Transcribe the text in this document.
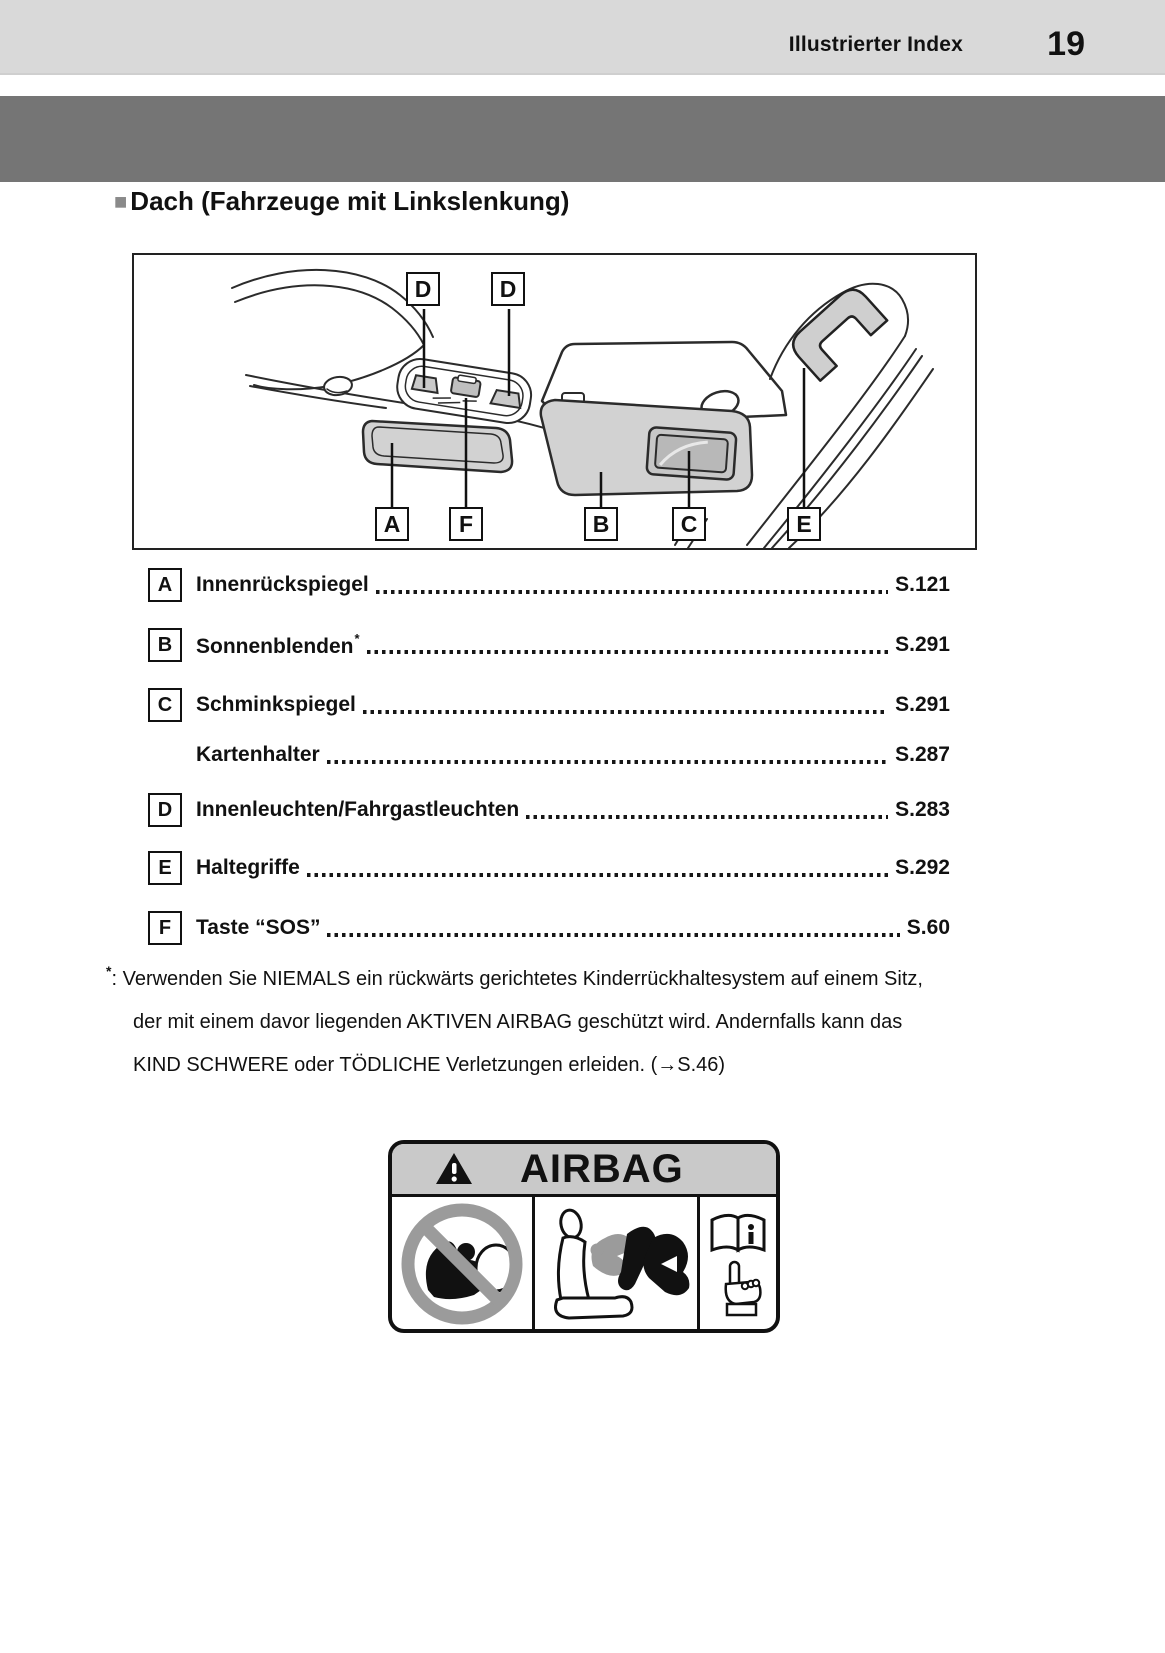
Illustrierter Index 19
■ Dach (Fahrzeuge mit Linkslenkung)
D	D
A	F	B	C	E
A	Innenrückspiegel	S.121
B	Sonnenblenden*	S.291
C	Schminkspiegel	S.291
Kartenhalter	S.287
D	Innenleuchten/Fahrgastleuchten	S.283
E	Haltegriffe	S.292
F	Taste “SOS”	S.60
*: Verwenden Sie NIEMALS ein rückwärts gerichtetes Kinderrückhaltesystem auf einem Sitz,
der mit einem davor liegenden AKTIVEN AIRBAG geschützt wird. Andernfalls kann das
KIND SCHWERE oder TÖDLICHE Verletzungen erleiden. (→S.46)
AIRBAG
